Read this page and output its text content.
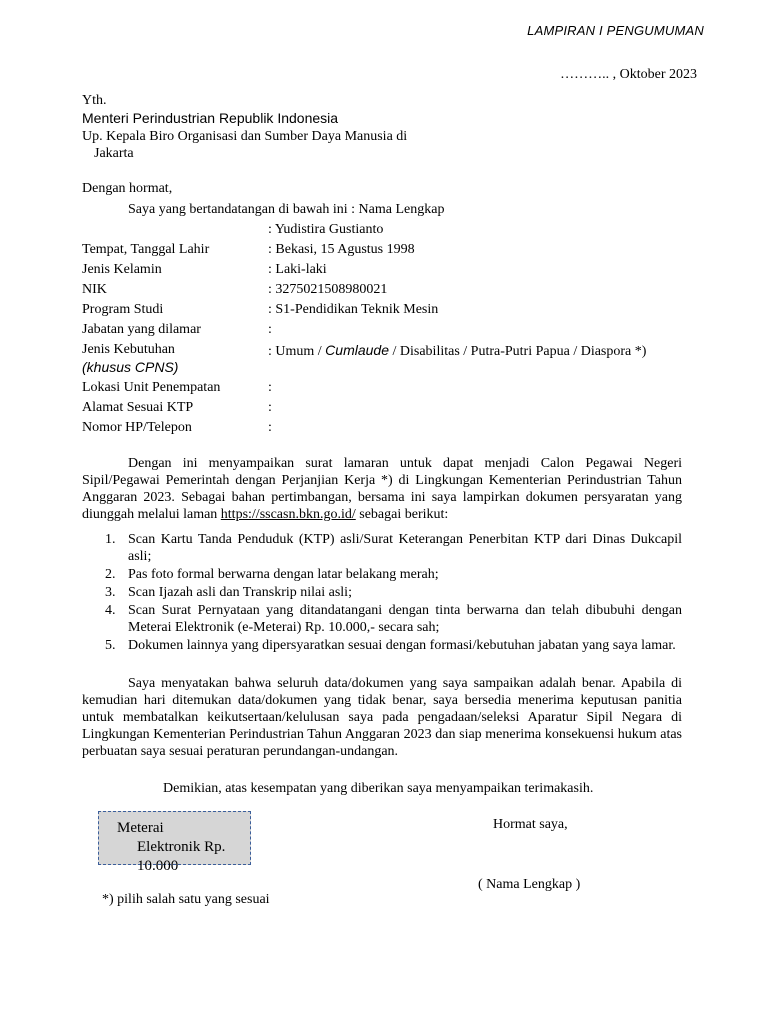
LAMPIRAN I PENGUMUMAN
……….. , Oktober 2023
Yth.
Menteri Perindustrian Republik Indonesia
Up. Kepala Biro Organisasi dan Sumber Daya Manusia di
Jakarta
Dengan hormat,
Saya yang bertandatangan di bawah ini : Nama Lengkap
: Yudistira Gustianto
Tempat, Tanggal Lahir	: Bekasi, 15 Agustus 1998
Jenis Kelamin	: Laki-laki
NIK	: 3275021508980021
Program Studi	: S1-Pendidikan Teknik Mesin
Jabatan yang dilamar	:
Jenis Kebutuhan	: Umum / Cumlaude / Disabilitas / Putra-Putri Papua / Diaspora *)
(khusus CPNS)
Lokasi Unit Penempatan	:
Alamat Sesuai KTP	:
Nomor HP/Telepon	:

Dengan ini menyampaikan surat lamaran untuk dapat menjadi Calon Pegawai Negeri Sipil/Pegawai Pemerintah dengan Perjanjian Kerja *) di Lingkungan Kementerian Perindustrian Tahun Anggaran 2023. Sebagai bahan pertimbangan, bersama ini saya lampirkan dokumen persyaratan yang diunggah melalui laman https://sscasn.bkn.go.id/ sebagai berikut:

1. Scan Kartu Tanda Penduduk (KTP) asli/Surat Keterangan Penerbitan KTP dari Dinas Dukcapil asli;
2. Pas foto formal berwarna dengan latar belakang merah;
3. Scan Ijazah asli dan Transkrip nilai asli;
4. Scan Surat Pernyataan yang ditandatangani dengan tinta berwarna dan telah dibubuhi dengan Meterai Elektronik (e-Meterai) Rp. 10.000,- secara sah;
5. Dokumen lainnya yang dipersyaratkan sesuai dengan formasi/kebutuhan jabatan yang saya lamar.

Saya menyatakan bahwa seluruh data/dokumen yang saya sampaikan adalah benar. Apabila di kemudian hari ditemukan data/dokumen yang tidak benar, saya bersedia menerima keputusan panitia untuk membatalkan keikutsertaan/kelulusan saya pada pengadaan/seleksi Aparatur Sipil Negara di Lingkungan Kementerian Perindustrian Tahun Anggaran 2023 dan siap menerima konsekuensi hukum atas perbuatan saya sesuai peraturan perundangan-undangan.

Demikian, atas kesempatan yang diberikan saya menyampaikan terimakasih.
Meterai
Elektronik Rp.
10.000
Hormat saya,
( Nama Lengkap )
*) pilih salah satu yang sesuai
